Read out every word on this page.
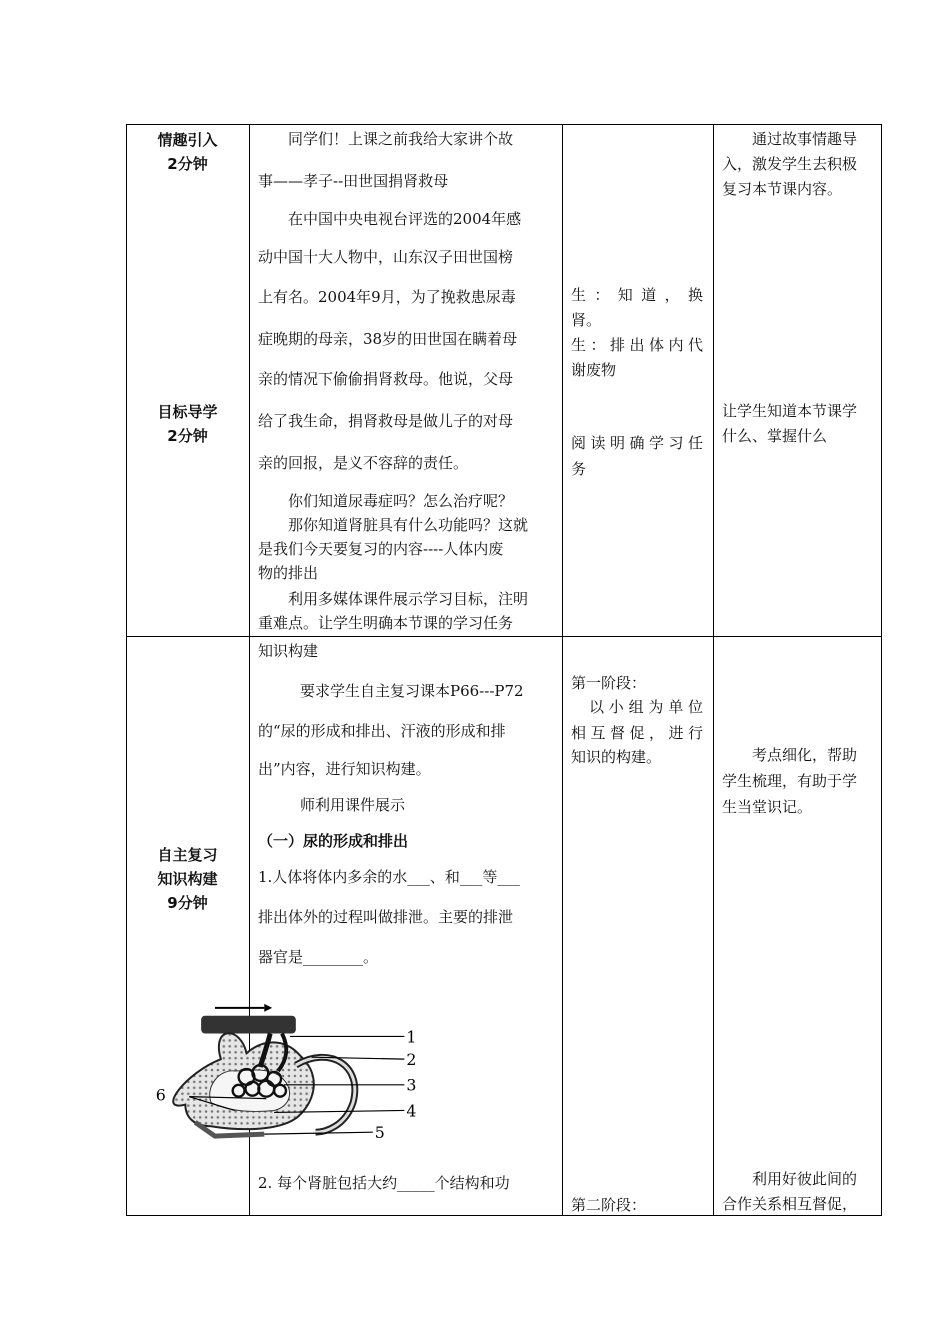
情趣引入
2分钟
目标导学
2分钟
同学们！上课之前我给大家讲个故
事——孝子--田世国捐肾救母
在中国中央电视台评选的2004年感
动中国十大人物中，山东汉子田世国榜
上有名。2004年9月，为了挽救患尿毒
症晚期的母亲，38岁的田世国在瞒着母
亲的情况下偷偷捐肾救母。他说，父母
给了我生命，捐肾救母是做儿子的对母
亲的回报，是义不容辞的责任。
你们知道尿毒症吗？怎么治疗呢？
那你知道肾脏具有什么功能吗？这就
是我们今天要复习的内容----人体内废
物的排出
利用多媒体课件展示学习目标，注明
重难点。让学生明确本节课的学习任务
生：知道，换
肾。
生：排出体内代
谢废物
阅读明确学习任
务
通过故事情趣导
入，激发学生去积极
复习本节课内容。
让学生知道本节课学
什么、掌握什么
自主复习
知识构建
9分钟
知识构建
要求学生自主复习课本P66---P72
的“尿的形成和排出、汗液的形成和排
出”内容，进行知识构建。
师利用课件展示
（一）尿的形成和排出
1.人体将体内多余的水___、和___等___
排出体外的过程叫做排泄。主要的排泄
器官是________。
2. 每个肾脏包括大约_____个结构和功
1
2
3
4
5
6
第一阶段：
以小组为单位
相互督促，进行
知识的构建。
第二阶段：
考点细化，帮助
学生梳理，有助于学
生当堂识记。
利用好彼此间的
合作关系相互督促，
